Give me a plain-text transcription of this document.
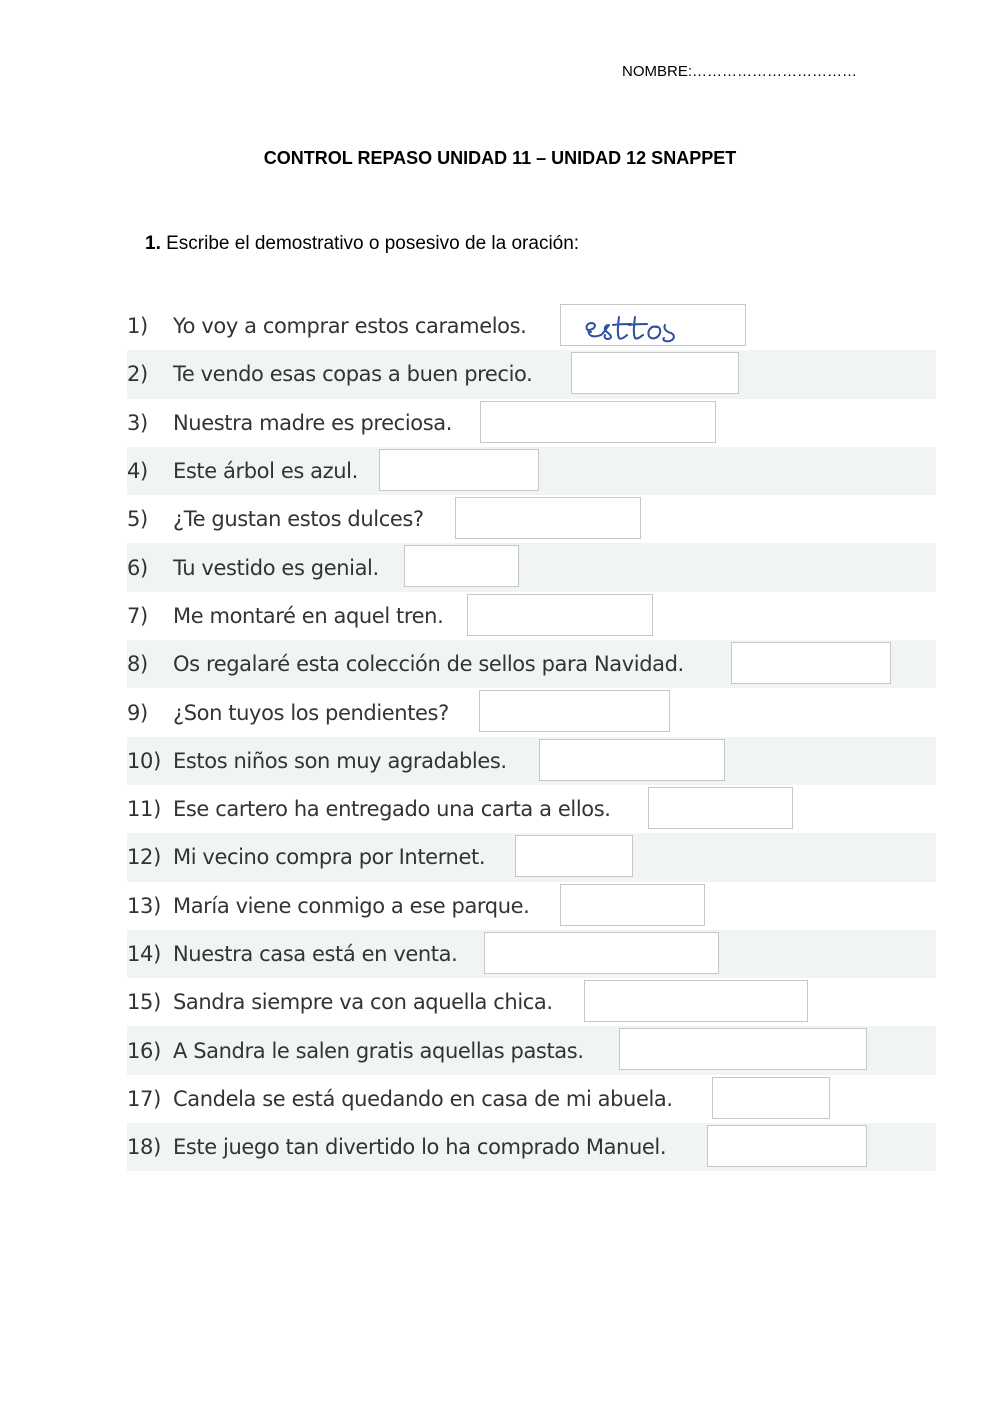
NOMBRE:……………………………
CONTROL REPASO UNIDAD 11 – UNIDAD 12 SNAPPET
1. Escribe el demostrativo o posesivo de la oración:
1)	Yo voy a comprar estos caramelos.
2)	Te vendo esas copas a buen precio.
3)	Nuestra madre es preciosa.
4)	Este árbol es azul.
5)	¿Te gustan estos dulces?
6)	Tu vestido es genial.
7)	Me montaré en aquel tren.
8)	Os regalaré esta colección de sellos para Navidad.
9)	¿Son tuyos los pendientes?
10) Estos niños son muy agradables.
11) Ese cartero ha entregado una carta a ellos.
12) Mi vecino compra por Internet.
13) María viene conmigo a ese parque.
14) Nuestra casa está en venta.
15) Sandra siempre va con aquella chica.
16) A Sandra le salen gratis aquellas pastas.
17) Candela se está quedando en casa de mi abuela.
18) Este juego tan divertido lo ha comprado Manuel.
